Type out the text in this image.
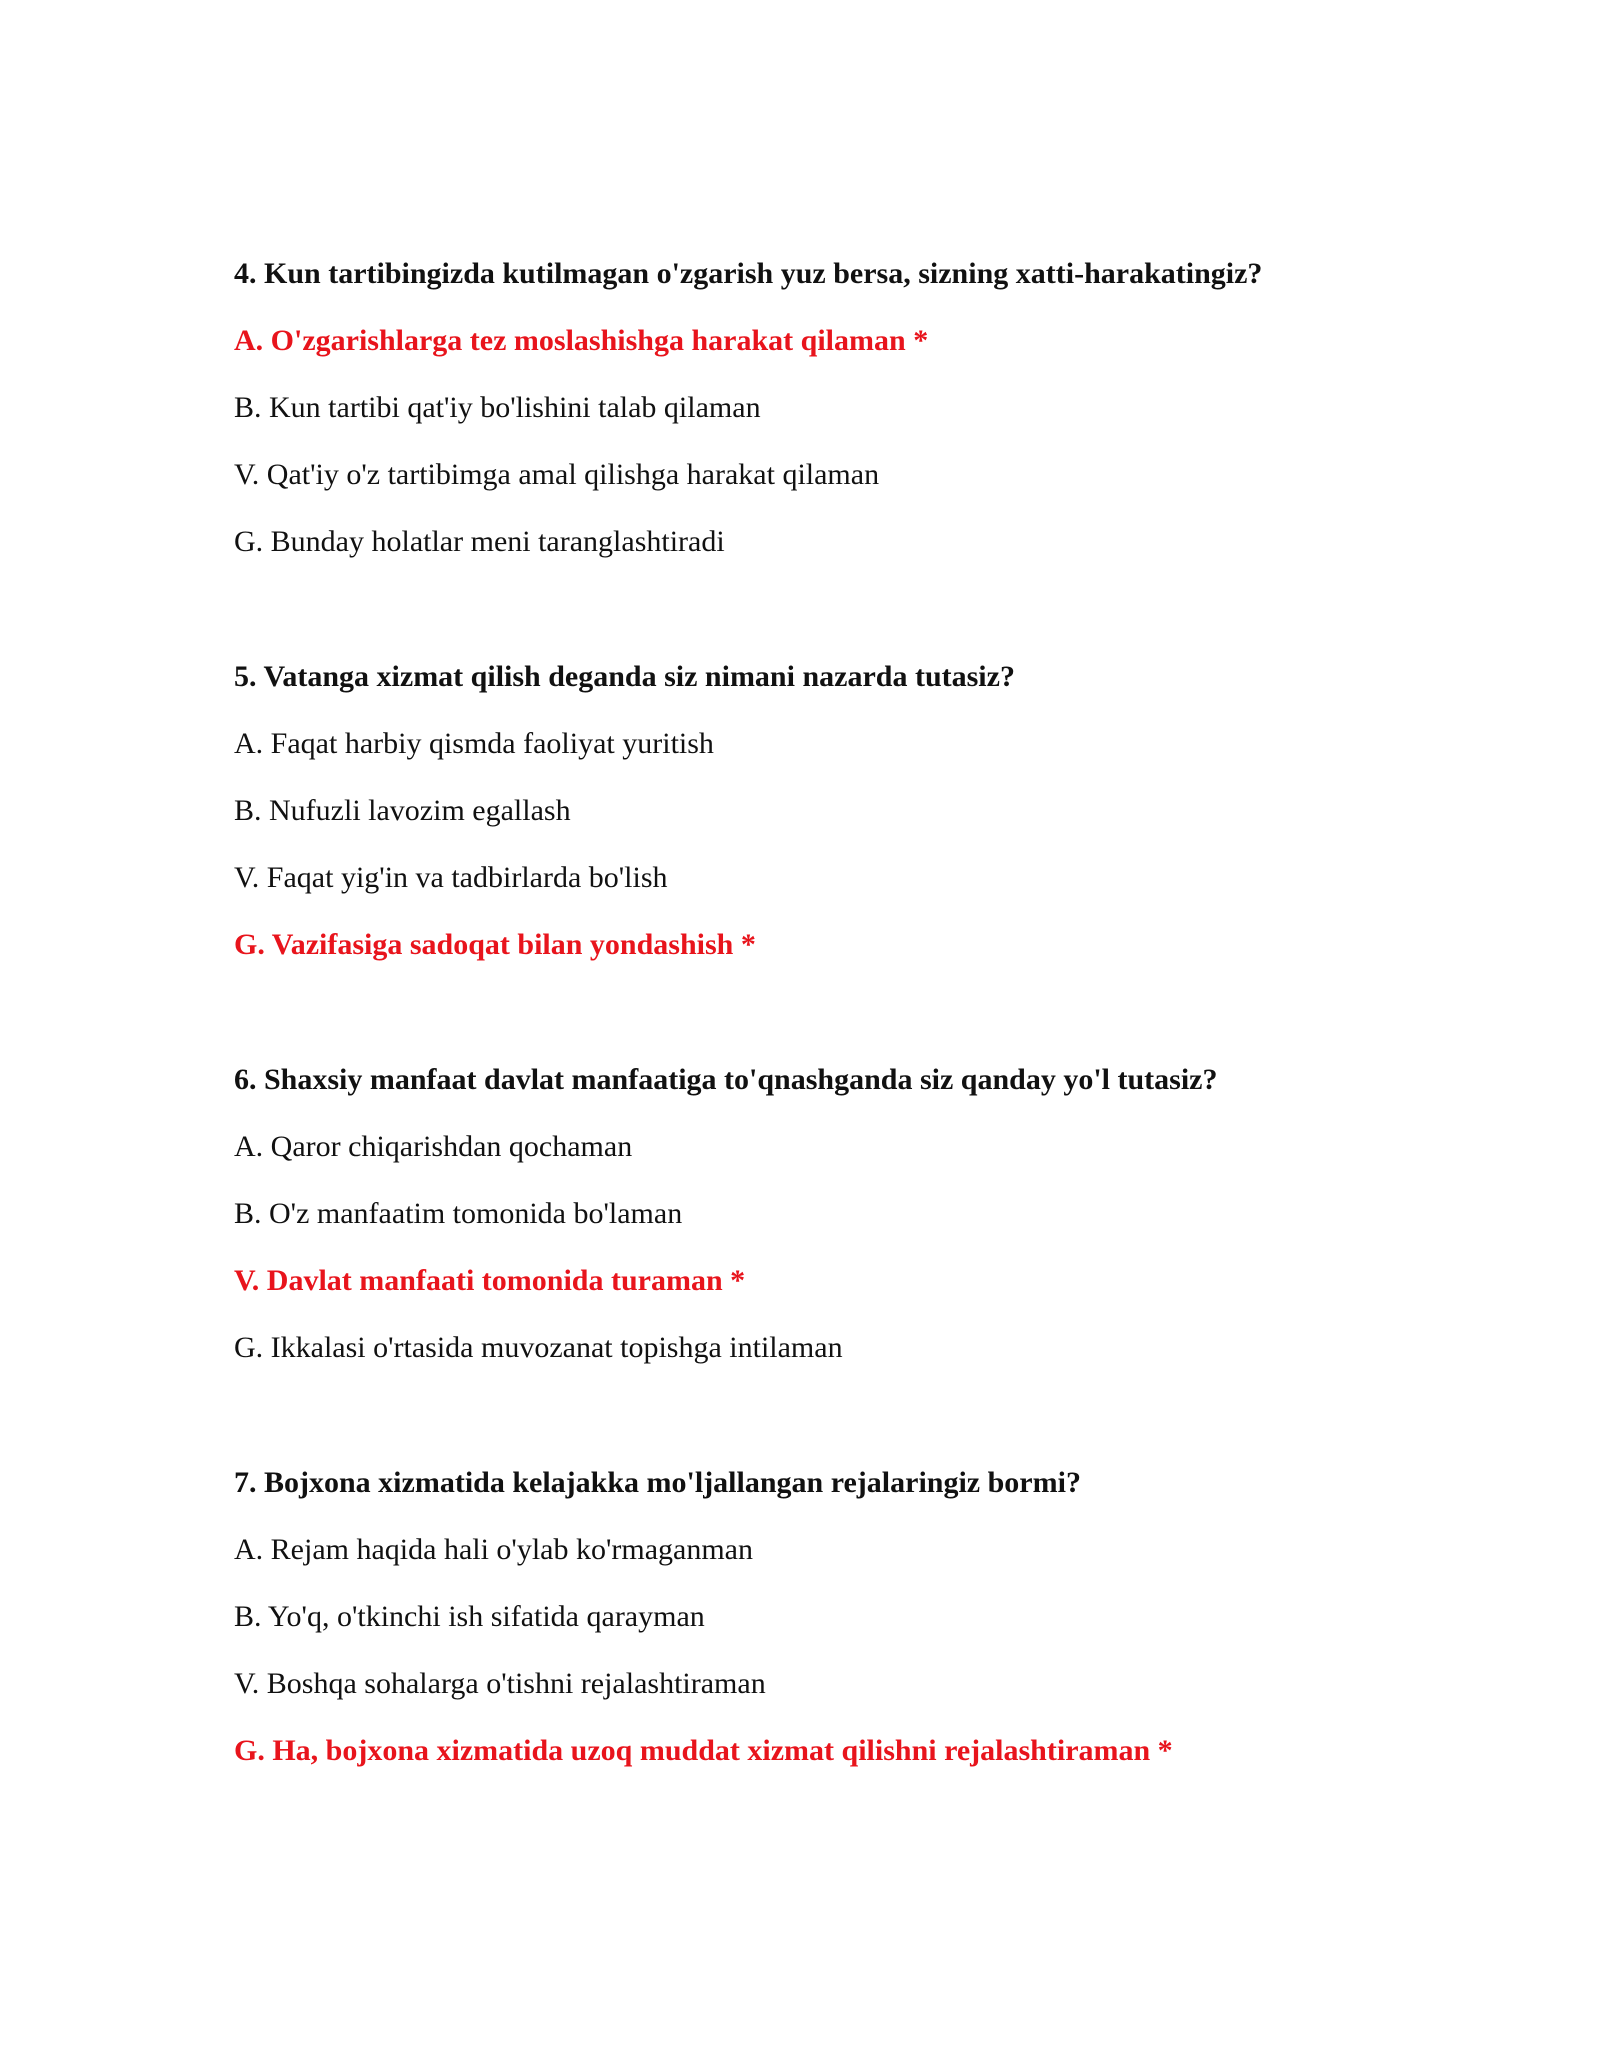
4. Kun tartibingizda kutilmagan o'zgarish yuz bersa, sizning xatti-harakatingiz?
A. O'zgarishlarga tez moslashishga harakat qilaman *
B. Kun tartibi qat'iy bo'lishini talab qilaman
V. Qat'iy o'z tartibimga amal qilishga harakat qilaman
G. Bunday holatlar meni taranglashtiradi
5. Vatanga xizmat qilish deganda siz nimani nazarda tutasiz?
A. Faqat harbiy qismda faoliyat yuritish
B. Nufuzli lavozim egallash
V. Faqat yig'in va tadbirlarda bo'lish
G. Vazifasiga sadoqat bilan yondashish *
6. Shaxsiy manfaat davlat manfaatiga to'qnashganda siz qanday yo'l tutasiz?
A. Qaror chiqarishdan qochaman
B. O'z manfaatim tomonida bo'laman
V. Davlat manfaati tomonida turaman *
G. Ikkalasi o'rtasida muvozanat topishga intilaman
7. Bojxona xizmatida kelajakka mo'ljallangan rejalaringiz bormi?
A. Rejam haqida hali o'ylab ko'rmaganman
B. Yo'q, o'tkinchi ish sifatida qarayman
V. Boshqa sohalarga o'tishni rejalashtiraman
G. Ha, bojxona xizmatida uzoq muddat xizmat qilishni rejalashtiraman *
